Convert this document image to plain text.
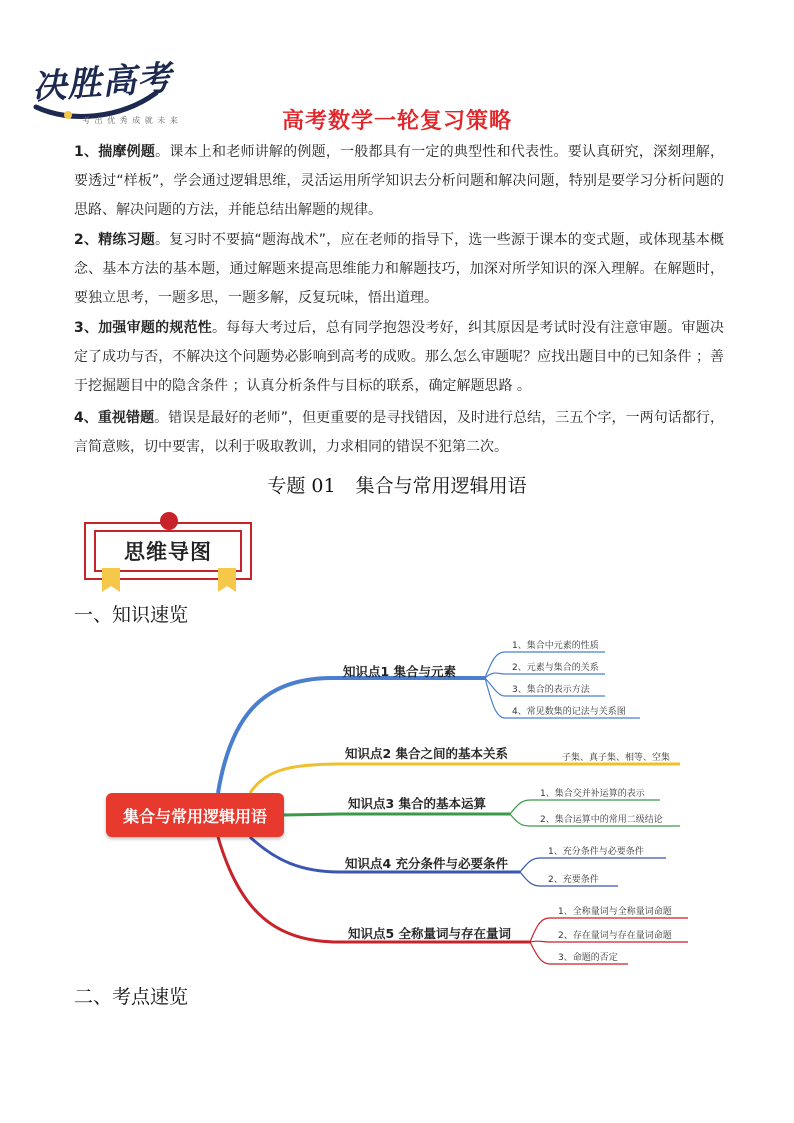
决胜高考
考 出 优 秀 成 就 未 来	高考数学一轮复习策略
1、揣摩例题。课本上和老师讲解的例题，一般都具有一定的典型性和代表性。要认真研究，深刻理解，要透过“样板”，学会通过逻辑思维，灵活运用所学知识去分析问题和解决问题，特别是要学习分析问题的思路、解决问题的方法，并能总结出解题的规律。
2、精练习题。复习时不要搞“题海战术”，应在老师的指导下，选一些源于课本的变式题，或体现基本概念、基本方法的基本题，通过解题来提高思维能力和解题技巧，加深对所学知识的深入理解。在解题时，要独立思考，一题多思，一题多解，反复玩味，悟出道理。
3、加强审题的规范性。每每大考过后，总有同学抱怨没考好，纠其原因是考试时没有注意审题。审题决定了成功与否，不解决这个问题势必影响到高考的成败。那么怎么审题呢？应找出题目中的已知条件 ；善于挖掘题目中的隐含条件 ；认真分析条件与目标的联系，确定解题思路 。
4、重视错题。错误是最好的老师”，但更重要的是寻找错因，及时进行总结，三五个字，一两句话都行，言简意赅，切中要害，以利于吸取教训，力求相同的错误不犯第二次。
专题 01 集合与常用逻辑用语
思维导图
一、知识速览
集合与常用逻辑用语
知识点1 集合与元素
1、集合中元素的性质
2、元素与集合的关系
3、集合的表示方法
4、常见数集的记法与关系图
知识点2 集合之间的基本关系	子集、真子集、相等、空集
知识点3 集合的基本运算
1、集合交并补运算的表示
2、集合运算中的常用二级结论
知识点4 充分条件与必要条件
1、充分条件与必要条件
2、充要条件
知识点5 全称量词与存在量词
1、全称量词与全称量词命题
2、存在量词与存在量词命题
3、命题的否定
二、考点速览
